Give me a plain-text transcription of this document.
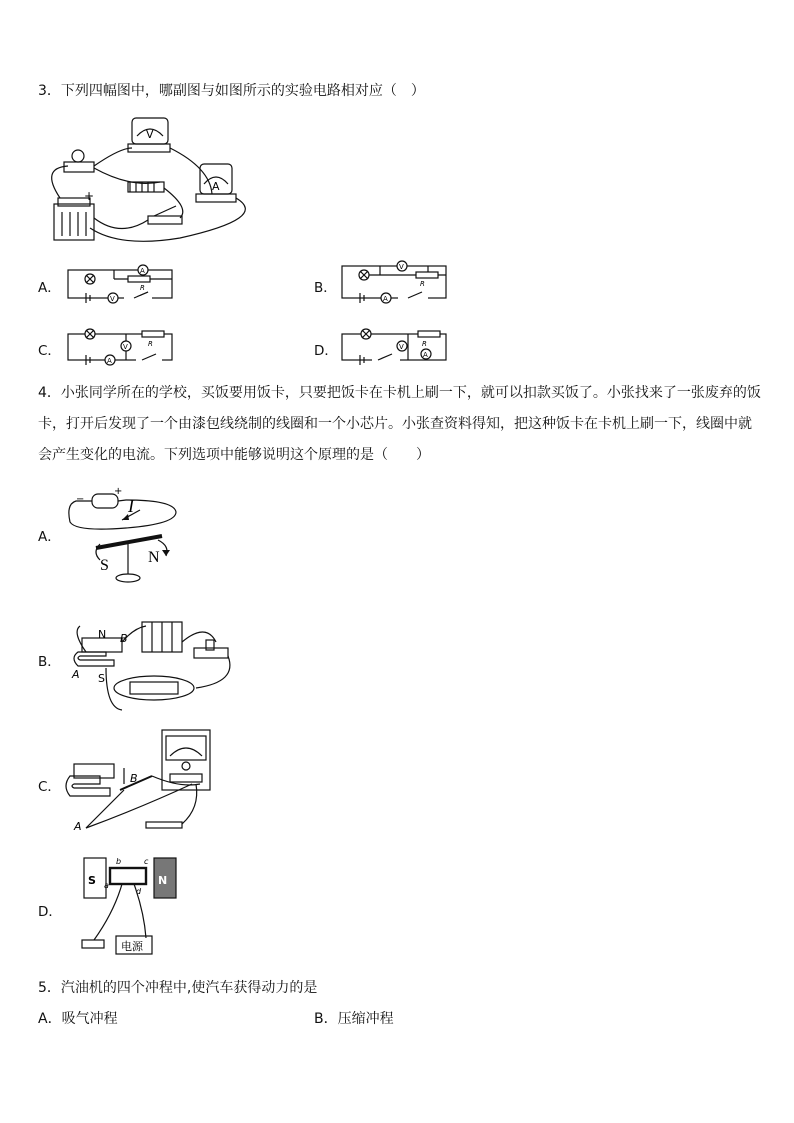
3．下列四幅图中，哪副图与如图所示的实验电路相对应（　）
+
V
A
A．
A
R
V
B．
V
R
A
C．	R
V
A
D．	R
V
A
4．小张同学所在的学校，买饭要用饭卡，只要把饭卡在卡机上刷一下，就可以扣款买饭了。小张找来了一张废弃的饭
卡，打开后发现了一个由漆包线绕制的线圈和一个小芯片。小张查资料得知，把这种饭卡在卡机上刷一下，线圈中就
会产生变化的电流。下列选项中能够说明这个原理的是（　　）
A．
−
+
I
S N
B．
N
S
A
B
C．
B
A
D．
S	N
b	c
a
d
电源
5．汽油机的四个冲程中,使汽车获得动力的是
A．吸气冲程	B．压缩冲程
